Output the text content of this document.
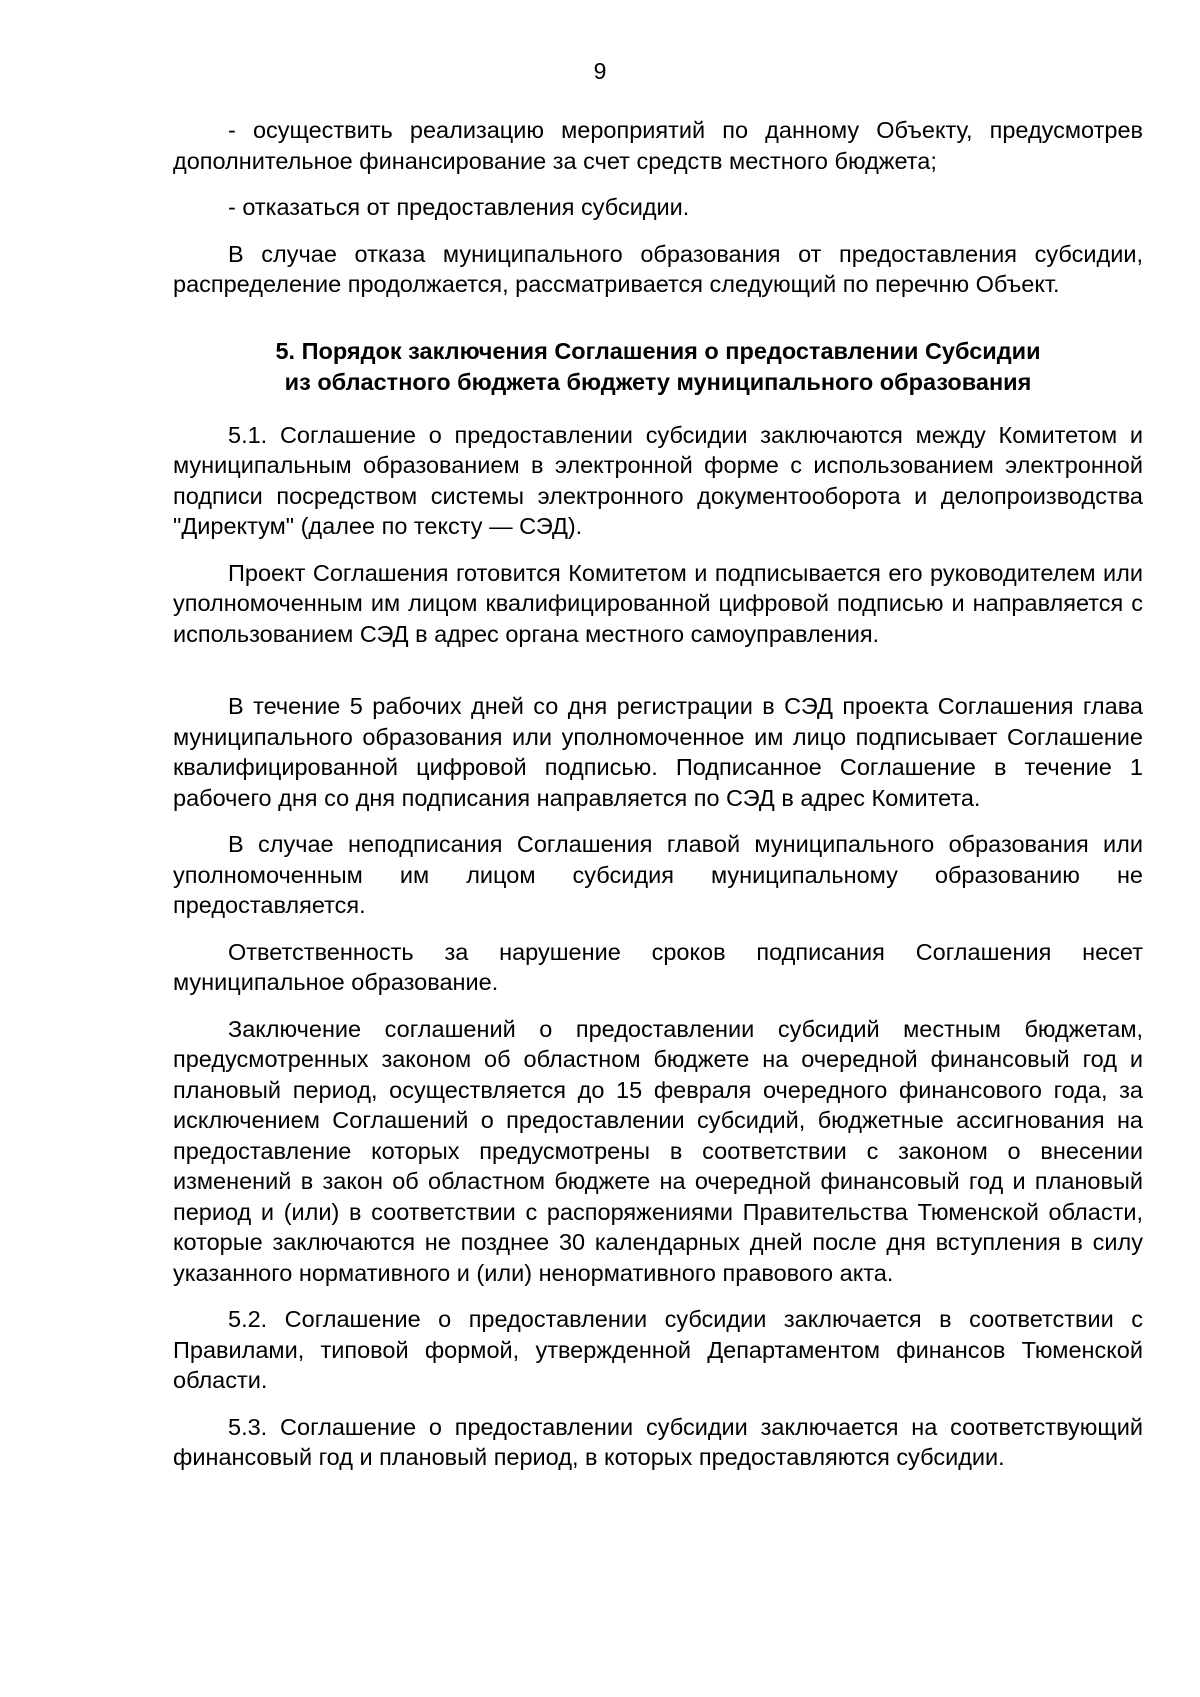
9

- осуществить реализацию мероприятий по данному Объекту, предусмотрев дополнительное финансирование за счет средств местного бюджета;

- отказаться от предоставления субсидии.

В случае отказа муниципального образования от предоставления субсидии, распределение продолжается, рассматривается следующий по перечню Объект.

5. Порядок заключения Соглашения о предоставлении Субсидии
из областного бюджета бюджету муниципального образования

5.1. Соглашение о предоставлении субсидии заключаются между Комитетом и муниципальным образованием в электронной форме с использованием электронной подписи посредством системы электронного документооборота и делопроизводства "Директум" (далее по тексту — СЭД).

Проект Соглашения готовится Комитетом и подписывается его руководителем или уполномоченным им лицом квалифицированной цифровой подписью и направляется с использованием СЭД в адрес органа местного самоуправления.

В течение 5 рабочих дней со дня регистрации в СЭД проекта Соглашения глава муниципального образования или уполномоченное им лицо подписывает Соглашение квалифицированной цифровой подписью. Подписанное Соглашение в течение 1 рабочего дня со дня подписания направляется по СЭД в адрес Комитета.

В случае неподписания Соглашения главой муниципального образования или уполномоченным им лицом субсидия муниципальному образованию не предоставляется.

Ответственность за нарушение сроков подписания Соглашения несет муниципальное образование.

Заключение соглашений о предоставлении субсидий местным бюджетам, предусмотренных законом об областном бюджете на очередной финансовый год и плановый период, осуществляется до 15 февраля очередного финансового года, за исключением Соглашений о предоставлении субсидий, бюджетные ассигнования на предоставление которых предусмотрены в соответствии с законом о внесении изменений в закон об областном бюджете на очередной финансовый год и плановый период и (или) в соответствии с распоряжениями Правительства Тюменской области, которые заключаются не позднее 30 календарных дней после дня вступления в силу указанного нормативного и (или) ненормативного правового акта.

5.2. Соглашение о предоставлении субсидии заключается в соответствии с Правилами, типовой формой, утвержденной Департаментом финансов Тюменской области.

5.3. Соглашение о предоставлении субсидии заключается на соответствующий финансовый год и плановый период, в которых предоставляются субсидии.
